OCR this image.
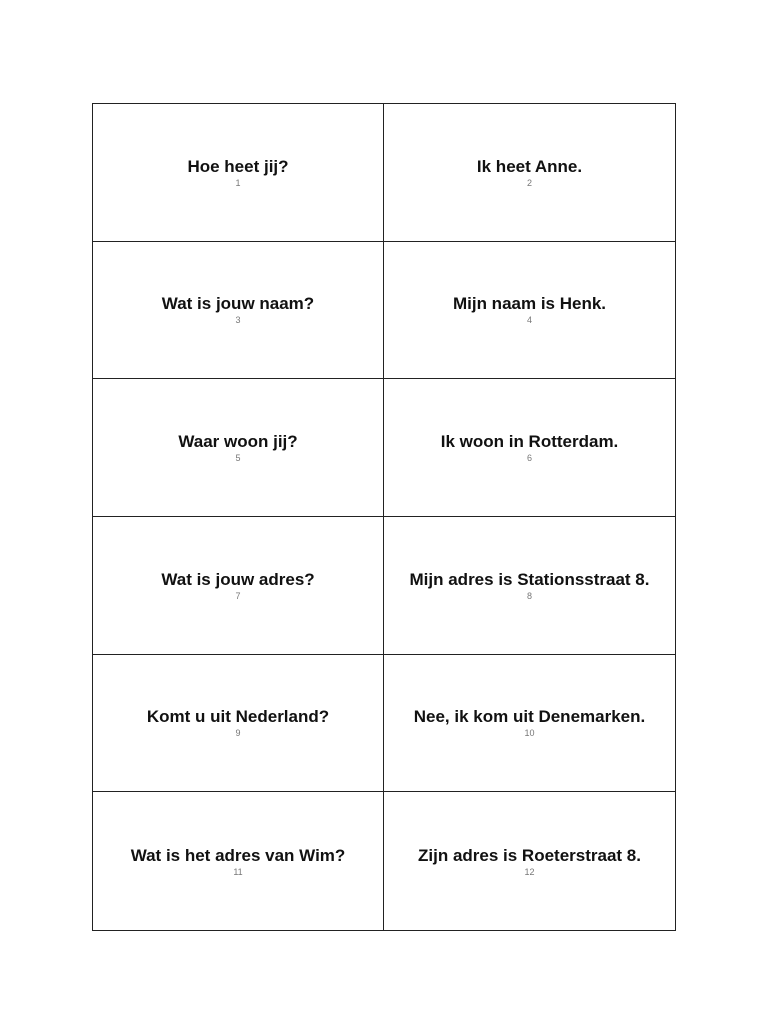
Hoe heet jij?
1
Ik heet Anne.
2
Wat is jouw naam?
3
Mijn naam is Henk.
4
Waar woon jij?
5
Ik woon in Rotterdam.
6
Wat is jouw adres?
7
Mijn adres is Stationsstraat 8.
8
Komt u uit Nederland?
9
Nee, ik kom uit Denemarken.
10
Wat is het adres van Wim?
11
Zijn adres is Roeterstraat 8.
12
